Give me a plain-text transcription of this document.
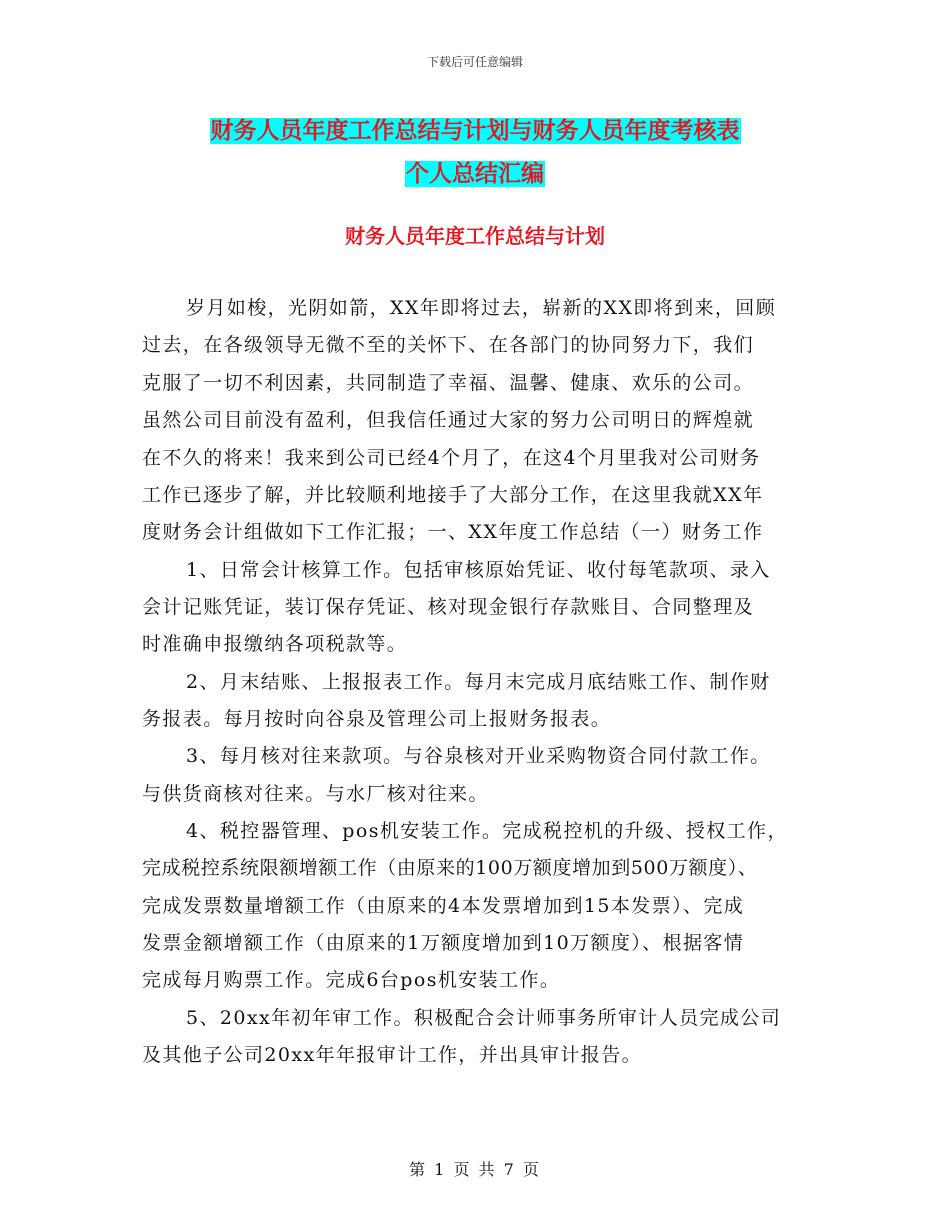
下载后可任意编辑
财务人员年度工作总结与计划与财务人员年度考核表
个人总结汇编
财务人员年度工作总结与计划
岁月如梭，光阴如箭，XX年即将过去，崭新的XX即将到来，回顾
过去，在各级领导无微不至的关怀下、在各部门的协同努力下，我们
克服了一切不利因素，共同制造了幸福、温馨、健康、欢乐的公司。
虽然公司目前没有盈利，但我信任通过大家的努力公司明日的辉煌就
在不久的将来！我来到公司已经4个月了，在这4个月里我对公司财务
工作已逐步了解，并比较顺利地接手了大部分工作，在这里我就XX年
度财务会计组做如下工作汇报；一、XX年度工作总结（一）财务工作
1、日常会计核算工作。包括审核原始凭证、收付每笔款项、录入
会计记账凭证，装订保存凭证、核对现金银行存款账目、合同整理及
时准确申报缴纳各项税款等。
2、月末结账、上报报表工作。每月末完成月底结账工作、制作财
务报表。每月按时向谷泉及管理公司上报财务报表。
3、每月核对往来款项。与谷泉核对开业采购物资合同付款工作。
与供货商核对往来。与水厂核对往来。
4、税控器管理、pos机安装工作。完成税控机的升级、授权工作，
完成税控系统限额增额工作（由原来的100万额度增加到500万额度）、
完成发票数量增额工作（由原来的4本发票增加到15本发票）、完成
发票金额增额工作（由原来的1万额度增加到10万额度）、根据客情
完成每月购票工作。完成6台pos机安装工作。
5、20xx年初年审工作。积极配合会计师事务所审计人员完成公司
及其他子公司20xx年年报审计工作，并出具审计报告。
第 1 页 共 7 页
